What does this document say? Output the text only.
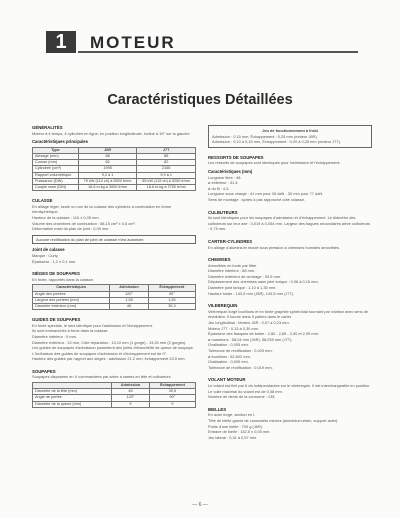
1	MOTEUR
Caractéristiques Détaillées
GÉNÉRALITÉS

Moteur à 4 temps, 4 cylindres en ligne, en position longitudinale, incliné à 15° sur la gauche.

Caractéristiques principales
Type	J6R	J7T
Alésage (mm)	88	88
Course (mm)	82	82
Cylindrée (cm³)	1995	2165
Rapport volumétrique	9,2 à 1	9,9 à 1
Puissance (DIN)	79 kW (110 ch) à 5500 tr/mn	85 kW (115 ch) à 5250 tr/mn
Couple maxi (DIN)	16,6 m.kg à 3000 tr/mn	18,6 m.kg à 2750 tr/mn
CULASSE

En alliage léger, seule ou non de la culasse des cylindres à combustion en forme hémisphérique.

Hauteur de la culasse : 116 ± 0,05 mm.

Volume des chambres de combustion : 68,15 cm³ ± 0,6 cm³.

Déformation maxi du plan de joint : 0,05 mm.

Aucune rectification du plan de joint de culasse n'est autorisée.
Joint de culasse

Marque : Curty.

Épaisseur : 1,2 ± 0,1 mm.

SIÈGES DE SOUPAPES

En fonte, rapportés dans la culasse.

Caractéristiques	Admission	Échappement
Angle des portées	120°	90°
Largeur des portées (mm)	1,65	1,65
Diamètre extérieur (mm)	46	39,3
GUIDES DE SOUPAPES

En fonte spéciale, le seul identique pour l'admission et l'échappement.

Ils sont emmanchés à force dans la culasse.

Diamètre intérieur : 9 mm.

Diamètre extérieur : 13 mm, Côte réparation : 13,10 mm (1 gorge) - 13,25 mm (2 gorges).

Les guides de soupapes d'admission possèdent des joints d'étanchéité de queue de soupape.

L'inclinaison des guides de soupapes d'admission et d'échappement est de 0°.

Hauteur des guides par rapport aux sièges : admission 21,2 mm, échappement 23,5 mm.

SOUPAPES

Soupapes disposées en V commandées par arbre à cames en tête et culbuteurs.

	Admission	Échappement
Diamètre de la tête (mm)	46	39,5
Angle de portée	120°	90°
Diamètre de la queue (mm)	9	9
Jeu de fonctionnement à froid

Admission : 0,15 mm. Échappement : 0,25 mm (moteur J6R).

Admission : 0,10 à 0,15 mm, Échappement : 0,20 à 0,25 mm (moteur J7T).

RESSORTS DE SOUPAPES

Les ressorts de soupapes sont identiques pour l'admission et l'échappement.

Caractéristiques (mm)

Longueur libre : 48.

ø extérieur : 31,4.

ø du fil : 4,3.

Longueur sous charge : 41 mm pour 26 daN - 30 mm pour 77 daN.

Sens de montage : spires à pas rapproché côté culasse.

CULBUTEURS

Ils sont identiques pour les soupapes d'admission et d'échappement. Le diamètre des culbuteurs sur leur axe : 0,019 à 0,054 mm. Largeur des bagues secondaires arbre culbuteurs : 5,75 mm.

CARTER-CYLINDRES

En alliage d'aluminium moulé sous pression à chemises humides amovibles.

CHEMISES

Amovibles en fonte par filtre.

Diamètre intérieur : 88 mm.

Diamètre extérieur de centrage : 93,5 mm.

Dépassement des chemises sans joint torique : 0,08 à 0,15 mm.

Diamètre joint torique : 1,10 à 1,35 mm.

Hauteur totale : 143,5 mm (J6R), 143,5 mm (J7T).

VILEBREQUIN

Vilebrequin forgé tourillons et en fonte graphite sphéroïdal tournant par rotation avec sens de révolution. Il tourne dans 5 paliers dans le carter.

Jeu longitudinal : Moteur J6R : 0,07 à 0,23 mm.

Moteur J7T : 0,13 à 0,30 mm.

Épaisseur des flasques de butée : 2,80 - 2,85 - 2,90 et 2,95 mm.

ø manetons : 58,04 mm (J6R), 58,035 mm (J7T).

Ovalisation : 0,005 mm.

Tolérance de rectification : 0,025 mm.

ø tourillons : 62,602 mm.

Ovalisation : 0,005 mm.

Tolérance de rectification : 0,019 mm.

VOLANT MOTEUR

Le volant est fixé par 6 vis indépendantes sur le vilebrequin. Il est interchangeable en position. Le voile maximal du volant est de 0,08 mm.

Nombre de dents de la couronne : 135.

BIELLES

En acier forgé, section en I.

Tête de bielle garnie de coussinets minces (aluminium-étain, support acier).

Poids d'une bielle : 700 g (J6R).

Entraxe de bielle : 152,5 ± 0,05 mm.

Jeu latéral : 0,31 à 0,57 mm.

— 6 —
